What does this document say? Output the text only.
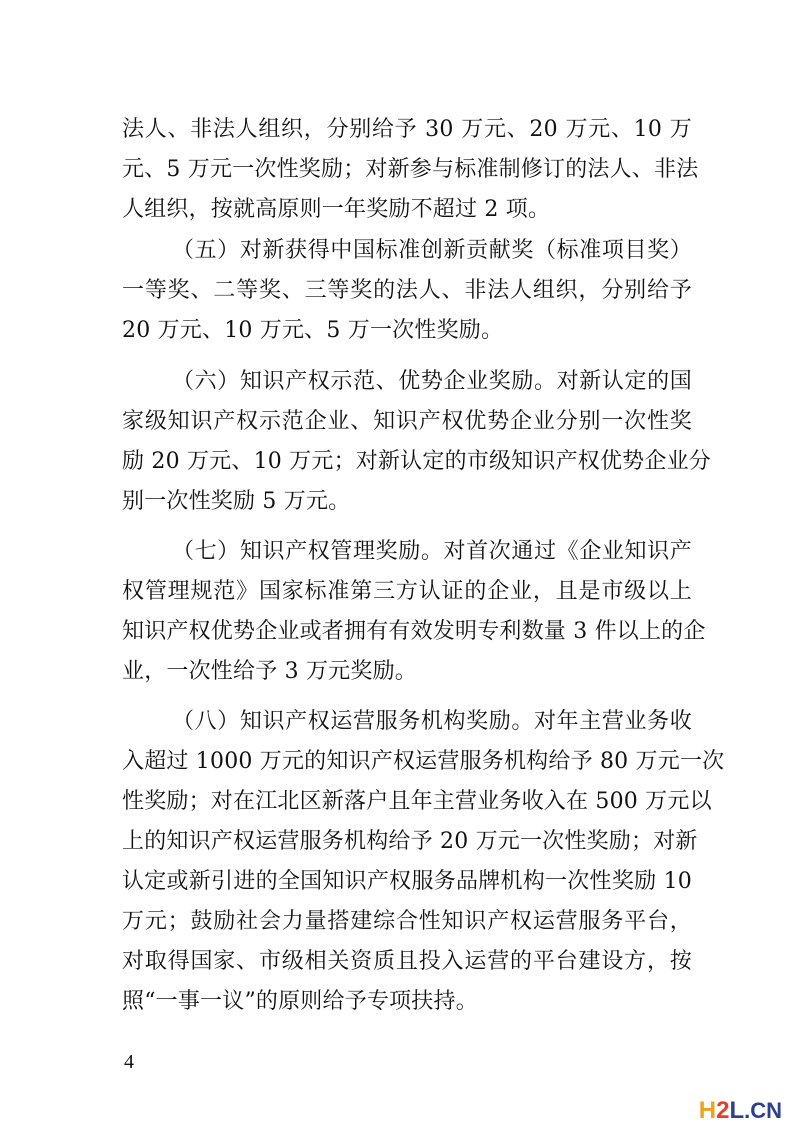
法人、非法人组织，分别给予 30 万元、20 万元、10 万
元、5 万元一次性奖励；对新参与标准制修订的法人、非法
人组织，按就高原则一年奖励不超过 2 项。
（五）对新获得中国标准创新贡献奖（标准项目奖）
一等奖、二等奖、三等奖的法人、非法人组织，分别给予
20 万元、10 万元、5 万一次性奖励。
（六）知识产权示范、优势企业奖励。对新认定的国
家级知识产权示范企业、知识产权优势企业分别一次性奖
励 20 万元、10 万元；对新认定的市级知识产权优势企业分
别一次性奖励 5 万元。
（七）知识产权管理奖励。对首次通过《企业知识产
权管理规范》国家标准第三方认证的企业，且是市级以上
知识产权优势企业或者拥有有效发明专利数量 3 件以上的企
业，一次性给予 3 万元奖励。
（八）知识产权运营服务机构奖励。对年主营业务收
入超过 1000 万元的知识产权运营服务机构给予 80 万元一次
性奖励；对在江北区新落户且年主营业务收入在 500 万元以
上的知识产权运营服务机构给予 20 万元一次性奖励；对新
认定或新引进的全国知识产权服务品牌机构一次性奖励 10
万元；鼓励社会力量搭建综合性知识产权运营服务平台，
对取得国家、市级相关资质且投入运营的平台建设方，按
照“一事一议”的原则给予专项扶持。
4
H 2 L .CN
